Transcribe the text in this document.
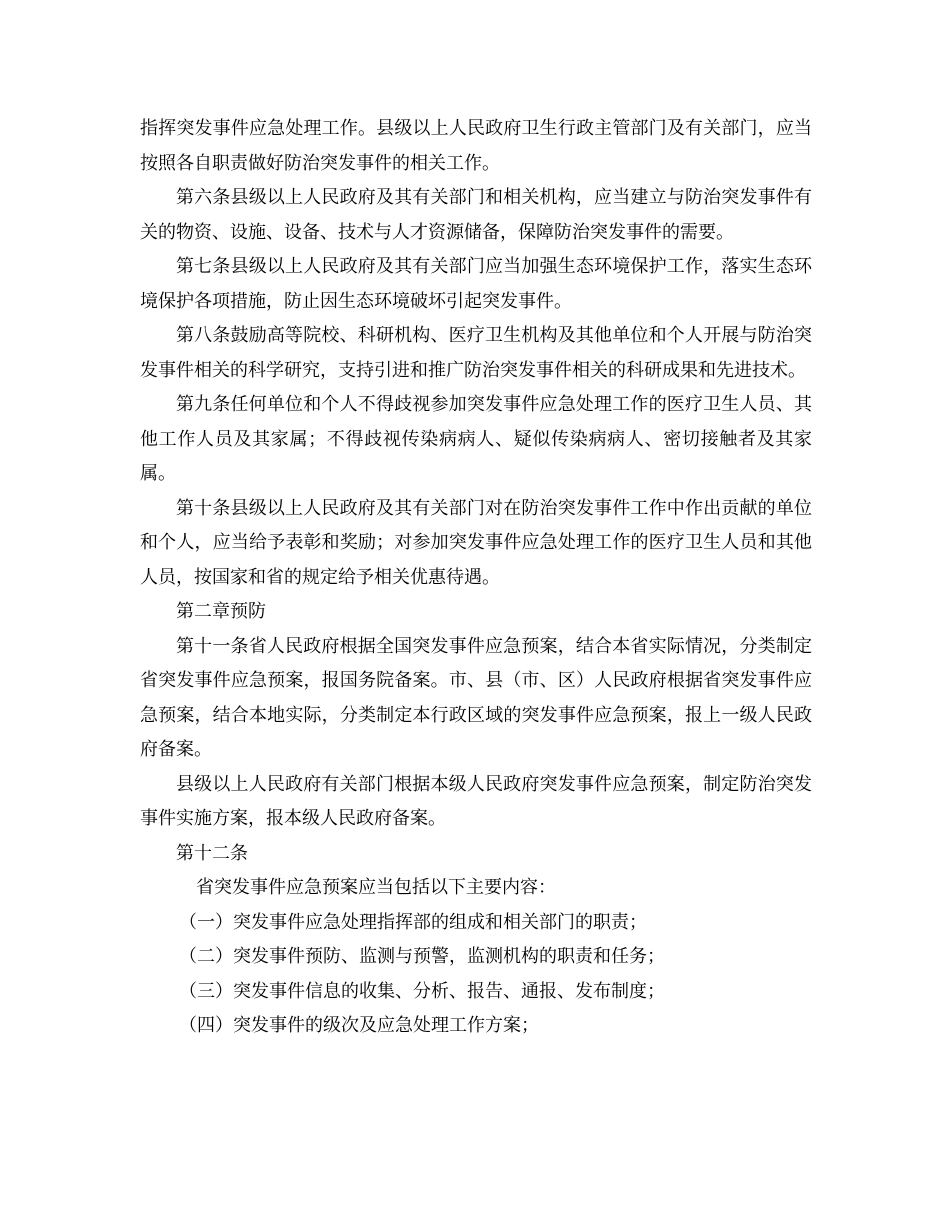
指挥突发事件应急处理工作。县级以上人民政府卫生行政主管部门及有关部门，应当按照各自职责做好防治突发事件的相关工作。

第六条县级以上人民政府及其有关部门和相关机构，应当建立与防治突发事件有关的物资、设施、设备、技术与人才资源储备，保障防治突发事件的需要。

第七条县级以上人民政府及其有关部门应当加强生态环境保护工作，落实生态环境保护各项措施，防止因生态环境破坏引起突发事件。

第八条鼓励高等院校、科研机构、医疗卫生机构及其他单位和个人开展与防治突发事件相关的科学研究，支持引进和推广防治突发事件相关的科研成果和先进技术。

第九条任何单位和个人不得歧视参加突发事件应急处理工作的医疗卫生人员、其他工作人员及其家属；不得歧视传染病病人、疑似传染病病人、密切接触者及其家属。

第十条县级以上人民政府及其有关部门对在防治突发事件工作中作出贡献的单位和个人，应当给予表彰和奖励；对参加突发事件应急处理工作的医疗卫生人员和其他人员，按国家和省的规定给予相关优惠待遇。

第二章预防

第十一条省人民政府根据全国突发事件应急预案，结合本省实际情况，分类制定省突发事件应急预案，报国务院备案。市、县（市、区）人民政府根据省突发事件应急预案，结合本地实际，分类制定本行政区域的突发事件应急预案，报上一级人民政府备案。

县级以上人民政府有关部门根据本级人民政府突发事件应急预案，制定防治突发事件实施方案，报本级人民政府备案。

第十二条

省突发事件应急预案应当包括以下主要内容：

（一）突发事件应急处理指挥部的组成和相关部门的职责；

（二）突发事件预防、监测与预警，监测机构的职责和任务；

（三）突发事件信息的收集、分析、报告、通报、发布制度；

（四）突发事件的级次及应急处理工作方案；
